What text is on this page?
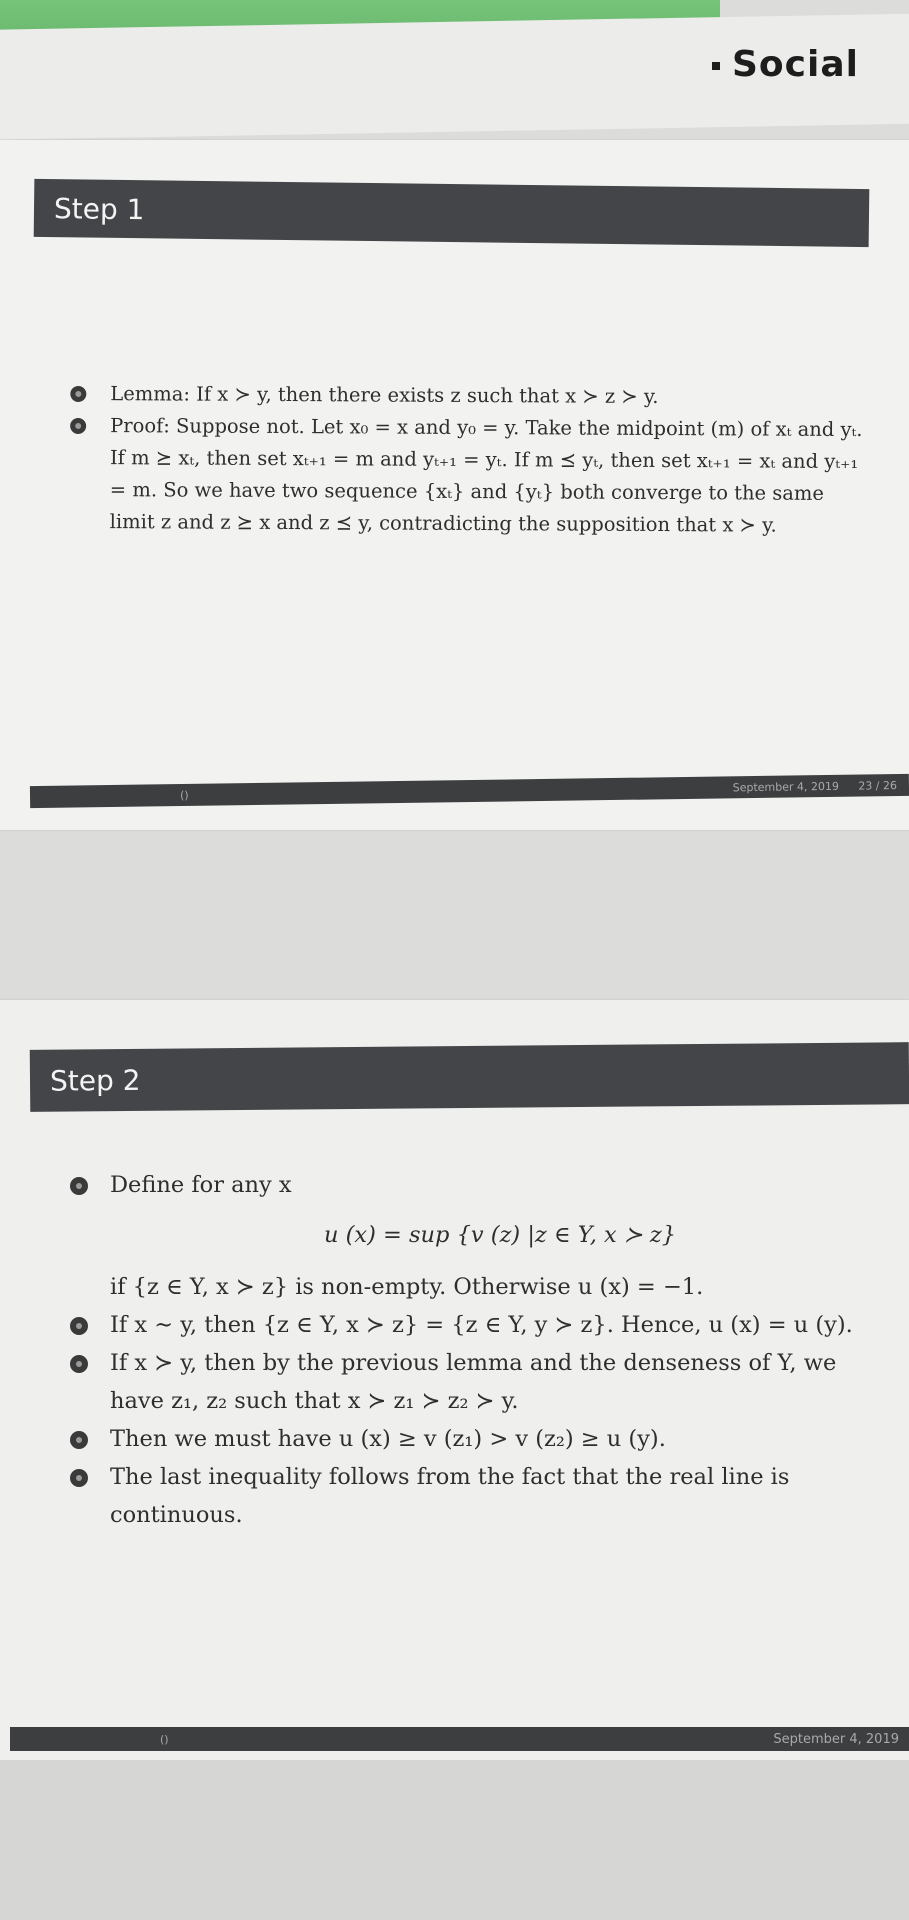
Social
Step 1
Lemma: If x ≻ y, then there exists z such that x ≻ z ≻ y.
Proof: Suppose not. Let x₀ = x and y₀ = y. Take the midpoint (m) of xₜ and yₜ. If m ⪰ xₜ, then set xₜ₊₁ = m and yₜ₊₁ = yₜ. If m ⪯ yₜ, then set xₜ₊₁ = xₜ and yₜ₊₁ = m. So we have two sequence {xₜ} and {yₜ} both converge to the same limit z and z ⪰ x and z ⪯ y, contradicting the supposition that x ≻ y.
()
September 4, 2019 23 / 26
Step 2
Define for any x
u (x) = sup {v (z) |z ∈ Y, x ≻ z}
if {z ∈ Y, x ≻ z} is non-empty. Otherwise u (x) = −1.
If x ∼ y, then {z ∈ Y, x ≻ z} = {z ∈ Y, y ≻ z}. Hence, u (x) = u (y).
If x ≻ y, then by the previous lemma and the denseness of Y, we have z₁, z₂ such that x ≻ z₁ ≻ z₂ ≻ y.
Then we must have u (x) ≥ v (z₁) > v (z₂) ≥ u (y).
The last inequality follows from the fact that the real line is continuous.
()	September 4, 2019
